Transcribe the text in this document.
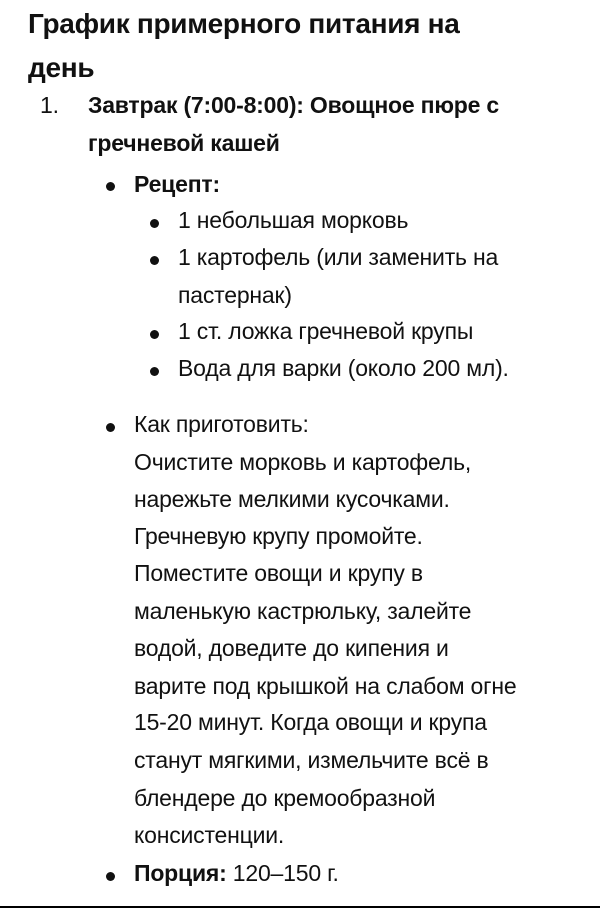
График примерного питания на
день
1. Завтрак (7:00-8:00): Овощное пюре с
гречневой кашей
Рецепт:
1 небольшая морковь
1 картофель (или заменить на
пастернак)
1 ст. ложка гречневой крупы
Вода для варки (около 200 мл).
Как приготовить:
Очистите морковь и картофель,
нарежьте мелкими кусочками.
Гречневую крупу промойте.
Поместите овощи и крупу в
маленькую кастрюльку, залейте
водой, доведите до кипения и
варите под крышкой на слабом огне
15-20 минут. Когда овощи и крупа
станут мягкими, измельчите всё в
блендере до кремообразной
консистенции.
Порция: 120–150 г.
